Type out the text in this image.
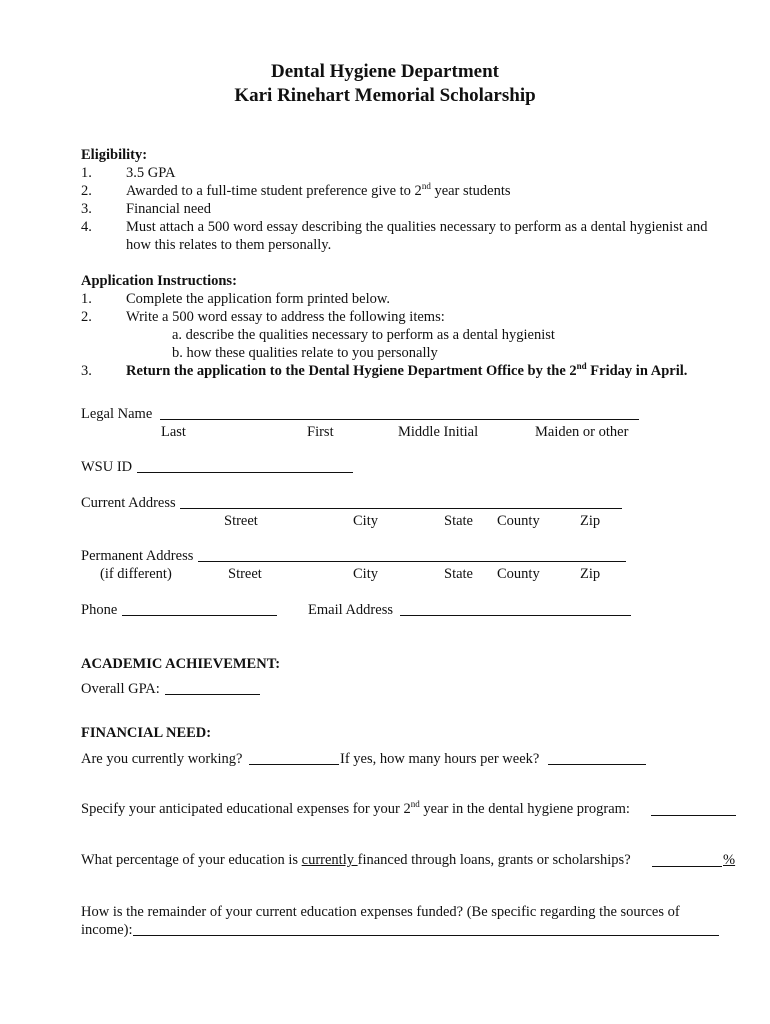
Dental Hygiene Department
Kari Rinehart Memorial Scholarship
Eligibility:
1. 3.5 GPA
2. Awarded to a full-time student preference give to 2nd year students
3. Financial need
4. Must attach a 500 word essay describing the qualities necessary to perform as a dental hygienist and
how this relates to them personally.
Application Instructions:
1. Complete the application form printed below.
2. Write a 500 word essay to address the following items:
a. describe the qualities necessary to perform as a dental hygienist
b. how these qualities relate to you personally
3. Return the application to the Dental Hygiene Department Office by the 2nd Friday in April.
Legal Name
Last	First	Middle Initial	Maiden or other
WSU ID
Current Address
Street	City	State County	Zip
Permanent Address
(if different)	Street	City	State County	Zip
Phone	Email Address
ACADEMIC ACHIEVEMENT:
Overall GPA:
FINANCIAL NEED:
Are you currently working?	If yes, how many hours per week?
Specify your anticipated educational expenses for your 2nd year in the dental hygiene program:
What percentage of your education is currently financed through loans, grants or scholarships?	%
How is the remainder of your current education expenses funded? (Be specific regarding the sources of
income):
